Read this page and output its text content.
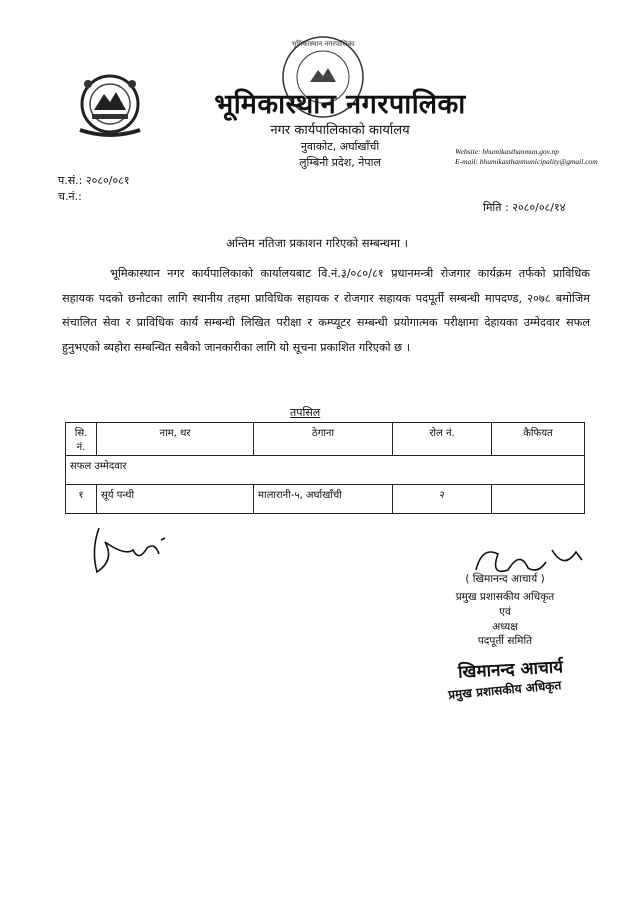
भूमिकास्थान नगरपालिका
भूमिकास्थान नगरपालिका
नगर कार्यपालिकाको कार्यालय
नुवाकोट, अर्घाखाँची
लुम्बिनी प्रदेश, नेपाल
Website: bhumikasthanmun.gov.np
E-mail: bhumikasthanmunicipality@gmail.com
प.सं.: २०८०/०८१
च.नं.:
मिति : २०८०/०८/१४
अन्तिम नतिजा प्रकाशन गरिएको सम्बन्धमा ।
भूमिकास्थान नगर कार्यपालिकाको कार्यालयबाट वि.नं.३/०८०/८१ प्रधानमन्त्री रोजगार कार्यक्रम तर्फको प्राविधिक सहायक पदको छनोटका लागि स्थानीय तहमा प्राविधिक सहायक र रोजगार सहायक पदपूर्ती सम्बन्धी मापदण्ड, २०७८ बमोजिम संचालित सेवा र प्राविधिक कार्य सम्बन्धी लिखित परीक्षा र कम्प्यूटर सम्बन्धी प्रयोगात्मक परीक्षामा देहायका उम्मेदवार सफल हुनुभएको ब्यहोरा सम्बन्धित सबैको जानकारीका लागि यो सूचना प्रकाशित गरिएको छ ।
तपसिल
सि. नं.	नाम, थर	ठेगाना	रोल नं.	कैफियत
सफल उम्मेदवार				
१	सूर्य पन्थी	मालारानी-५, अर्घाखाँची	२	
( खिमानन्द आचार्य )
प्रमुख प्रशासकीय अधिकृत
एवं
अध्यक्ष
पदपूर्ती समिति
खिमानन्द आचार्य
प्रमुख प्रशासकीय अधिकृत
